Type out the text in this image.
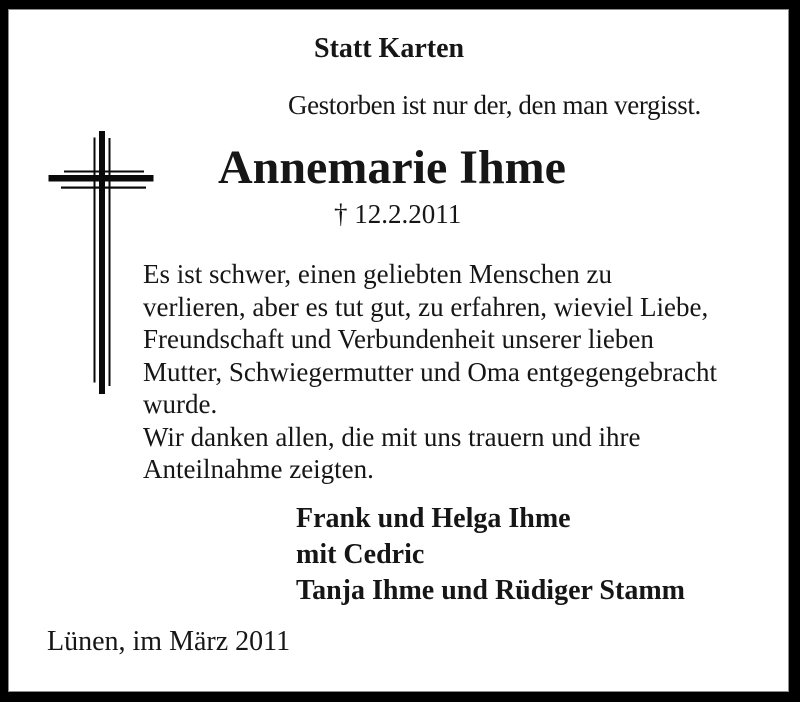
Statt Karten
Gestorben ist nur der, den man vergisst.
Annemarie Ihme
† 12.2.2011
Es ist schwer, einen geliebten Menschen zu
verlieren, aber es tut gut, zu erfahren, wieviel Liebe,
Freundschaft und Verbundenheit unserer lieben
Mutter, Schwiegermutter und Oma entgegengebracht
wurde.
Wir danken allen, die mit uns trauern und ihre
Anteilnahme zeigten.
Frank und Helga Ihme
mit Cedric
Tanja Ihme und Rüdiger Stamm
Lünen, im März 2011
